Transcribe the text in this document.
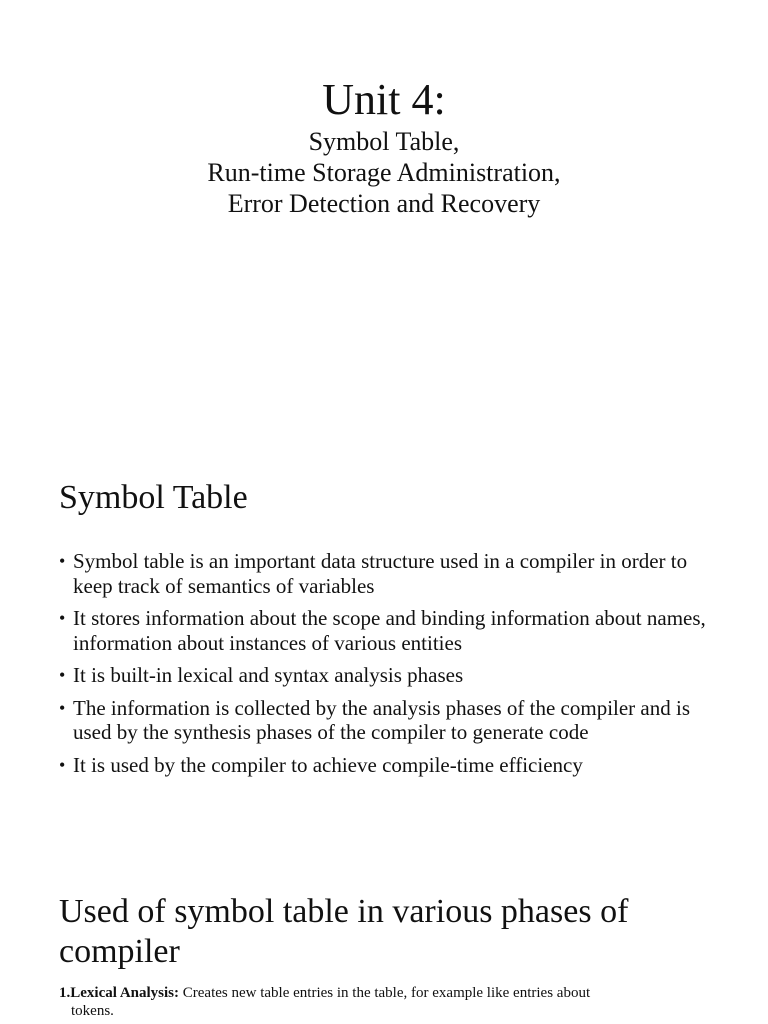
Unit 4:
Symbol Table,
Run-time Storage Administration,
Error Detection and Recovery
Symbol Table
• Symbol table is an important data structure used in a compiler in order to keep track of semantics of variables
• It stores information about the scope and binding information about names, information about instances of various entities
• It is built-in lexical and syntax analysis phases
• The information is collected by the analysis phases of the compiler and is used by the synthesis phases of the compiler to generate code
• It is used by the compiler to achieve compile-time efficiency
Used of symbol table in various phases of compiler
1.Lexical Analysis: Creates new table entries in the table, for example like entries about
tokens.
